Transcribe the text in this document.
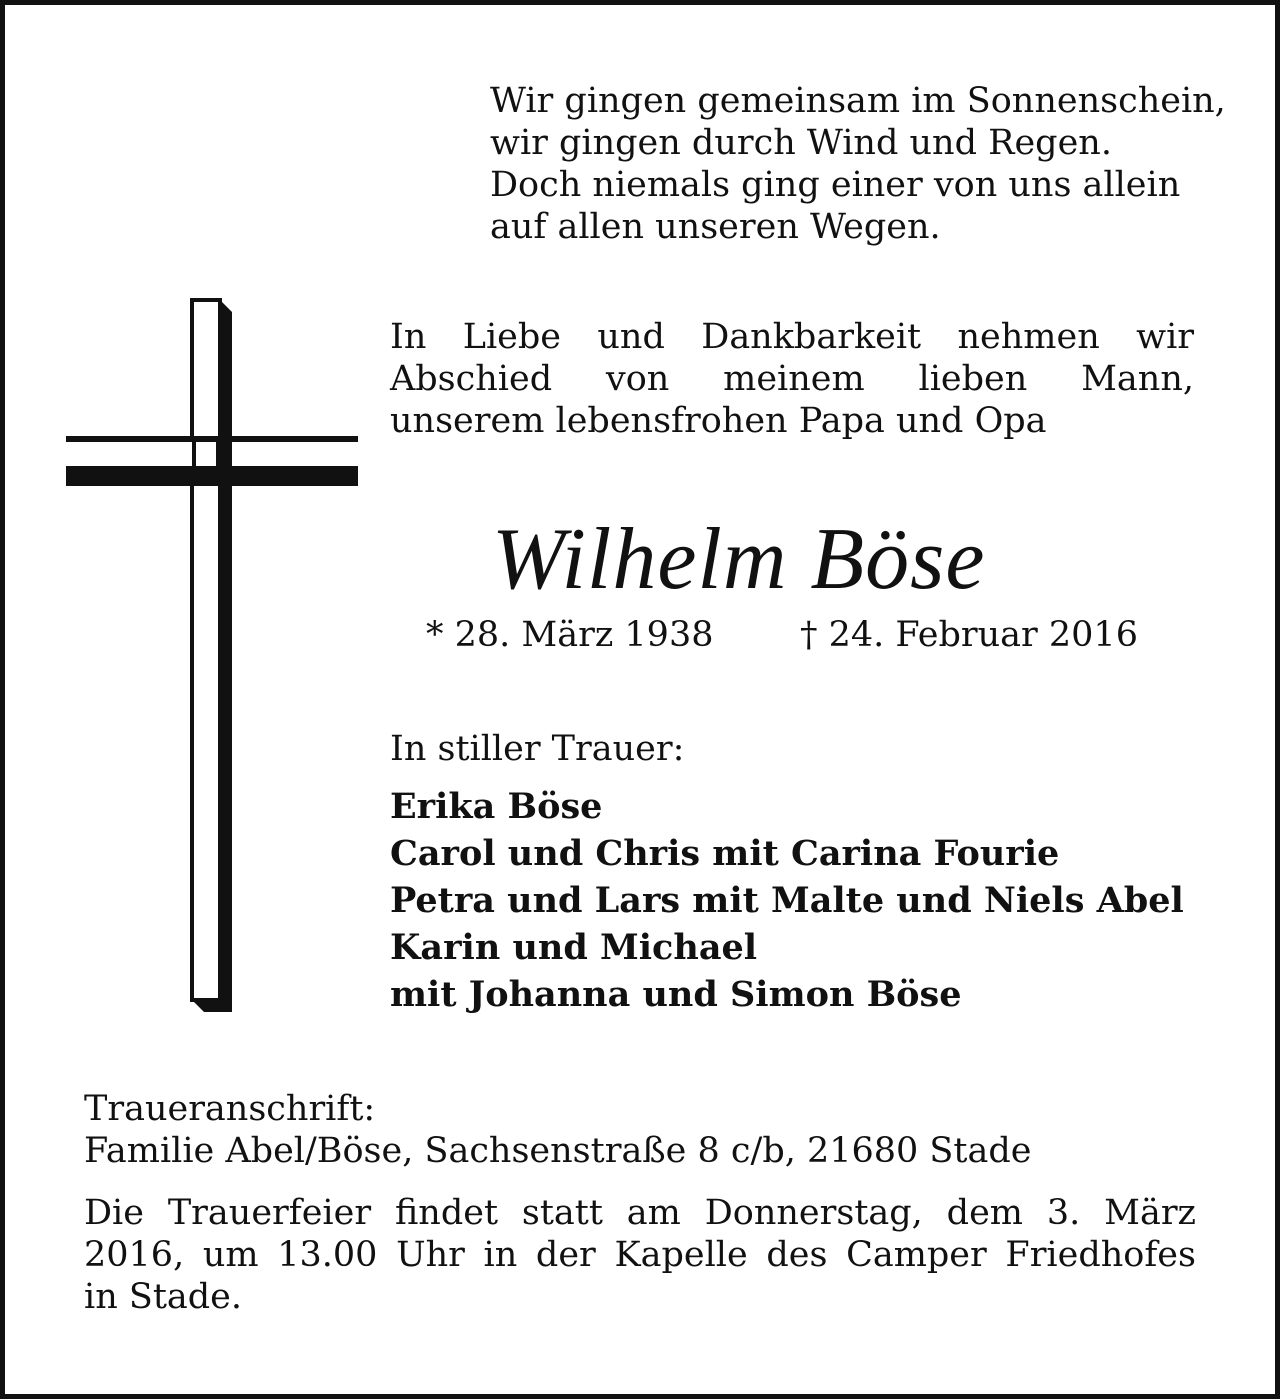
Wir gingen gemeinsam im Sonnenschein,
wir gingen durch Wind und Regen.
Doch niemals ging einer von uns allein
auf allen unseren Wegen.
In Liebe und Dankbarkeit nehmen wir
Abschied von meinem lieben Mann,
unserem lebensfrohen Papa und Opa
Wilhelm Böse
* 28. März 1938 † 24. Februar 2016
In stiller Trauer:
Erika Böse
Carol und Chris mit Carina Fourie
Petra und Lars mit Malte und Niels Abel
Karin und Michael
mit Johanna und Simon Böse
Traueranschrift:
Familie Abel/Böse, Sachsenstraße 8 c/b, 21680 Stade
Die Trauerfeier findet statt am Donnerstag, dem 3. März
2016, um 13.00 Uhr in der Kapelle des Camper Friedhofes
in Stade.
